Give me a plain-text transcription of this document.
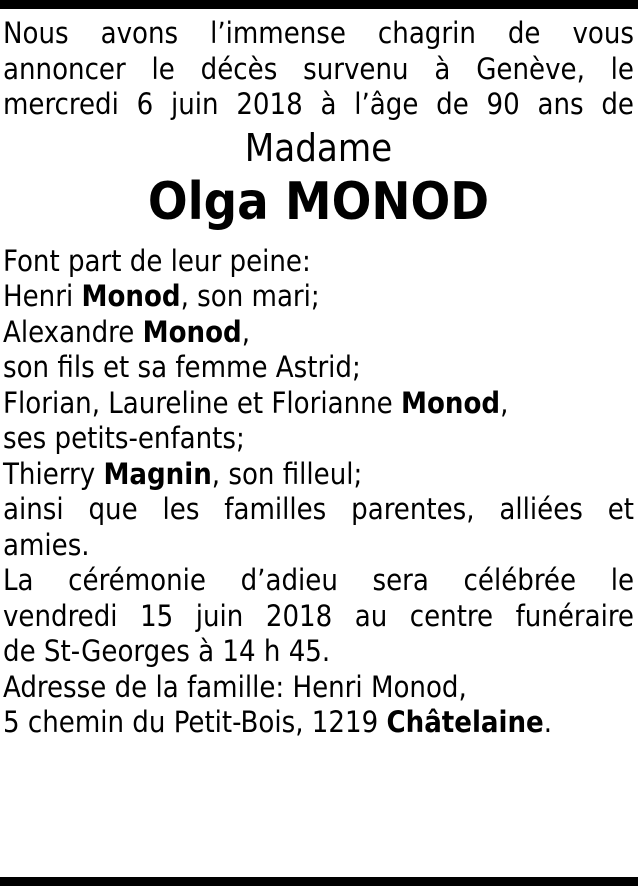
Nous avons l’immense chagrin de vous
annoncer le décès survenu à Genève, le
mercredi 6 juin 2018 à l’âge de 90 ans de
Madame
Olga MONOD
Font part de leur peine:
Henri Monod, son mari;
Alexandre Monod,
son fils et sa femme Astrid;
Florian, Laureline et Florianne Monod,
ses petits-enfants;
Thierry Magnin, son filleul;
ainsi que les familles parentes, alliées et
amies.
La cérémonie d’adieu sera célébrée le
vendredi 15 juin 2018 au centre funéraire
de St-Georges à 14 h 45.
Adresse de la famille: Henri Monod,
5 chemin du Petit-Bois, 1219 Châtelaine.
